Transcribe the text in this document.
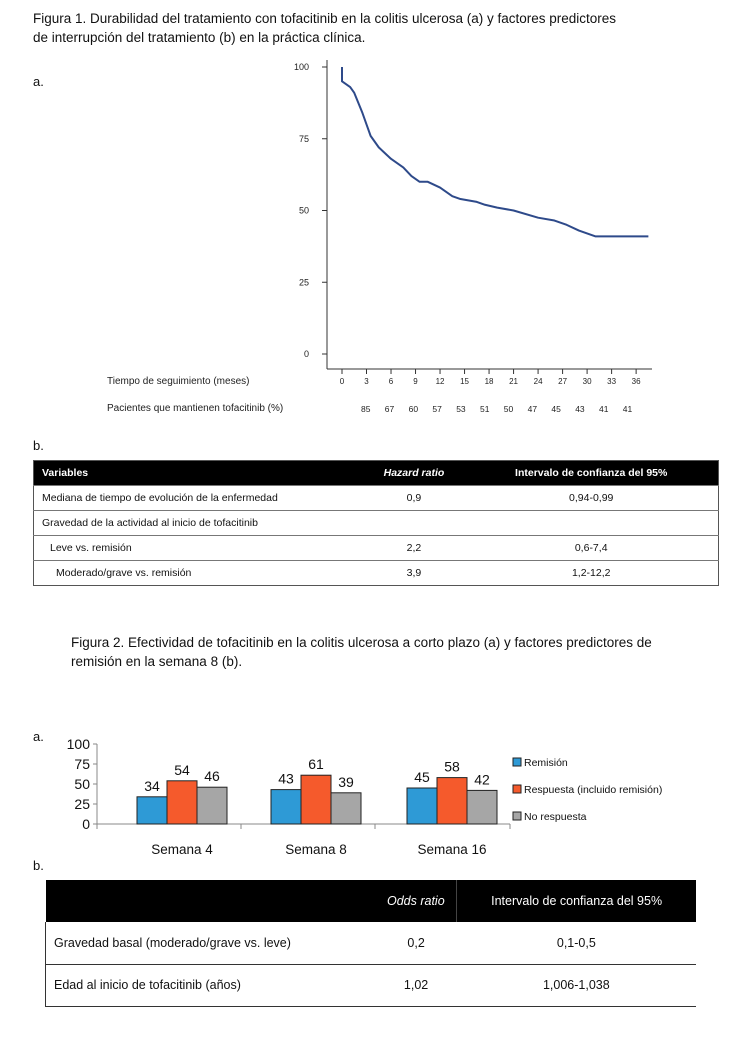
Figura 1. Durabilidad del tratamiento con tofacitinib en la colitis ulcerosa (a) y factores predictores
de interrupción del tratamiento (b) en la práctica clínica.
a.
0
25
50
75
100
0	3	6	9 12 15 18 21 24 27 30 33 36
Tiempo de seguimiento (meses)
Pacientes que mantienen tofacitinib (%)	85 67 60 57 53 51 50 47 45 43 41 41
b.
Variables	Hazard ratio	Intervalo de confianza del 95%
Mediana de tiempo de evolución de la enfermedad	0,9	0,94-0,99
Gravedad de la actividad al inicio de tofacitinib		
Leve vs. remisión	2,2	0,6-7,4
Moderado/grave vs. remisión	3,9	1,2-12,2
Figura 2. Efectividad de tofacitinib en la colitis ulcerosa a corto plazo (a) y factores predictores de
remisión en la semana 8 (b).
a.
0
25
50
75
100
34
54 46
Semana 4
43
61
39
Semana 8
45
58
42
Semana 16
Remisión
Respuesta (incluido remisión)
No respuesta
b.
	Odds ratio	Intervalo de confianza del 95%
Gravedad basal (moderado/grave vs. leve)	0,2	0,1-0,5
Edad al inicio de tofacitinib (años)	1,02	1,006-1,038
